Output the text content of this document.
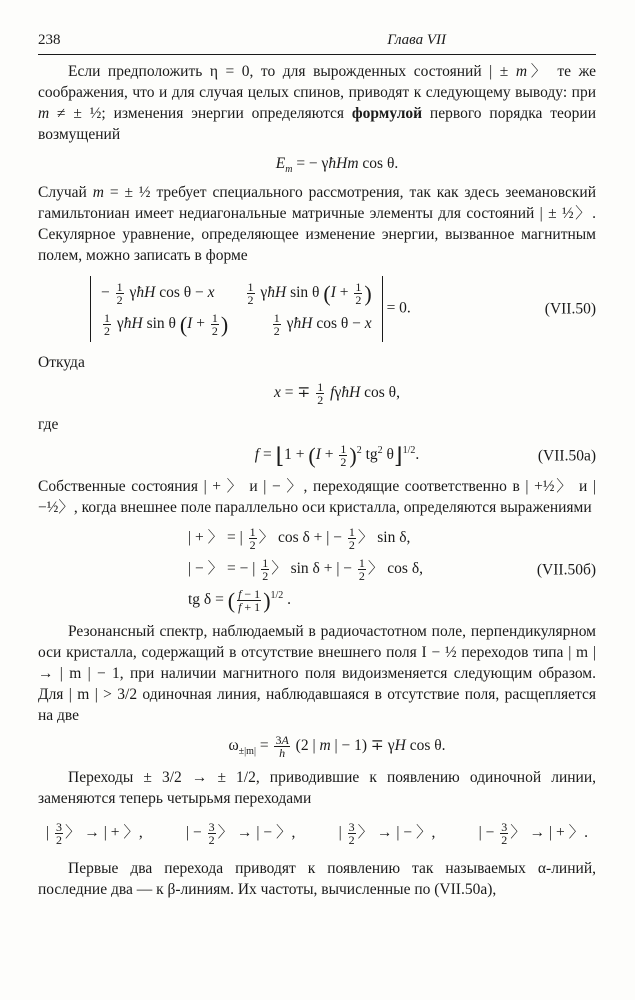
238	Глава VII

Если предположить η = 0, то для вырожденных состояний | ± m〉 те же соображения, что и для случая целых спинов, приводят к следующему выводу: при m ≠ ± ½; изменения энергии определяются формулой первого порядка теории возмущений

$E_m$ = − γħHm cos θ.

Случай m = ± ½ требует специального рассмотрения, так как здесь зеемановский гамильтониан имеет недиагональные матричные элементы для состояний | ± ½〉. Секулярное уравнение, определяющее изменение энергии, вызванное магнитным полем, можно записать в форме

− $\frac{1}{2}$ γħH cos θ − x	$\frac{1}{2}$ γħH sin θ ($I + \frac{1}{2}$ )
$\frac{1}{2}$ γħH sin θ ($I + \frac{1}{2}$ )	$\frac{1}{2}$ γħH cos θ − x
= 0.	(VII.50)

Откуда

x = ∓ $\frac{1}{2}$ fγħH cos θ,

где

f = ⌊1 + $(I + \frac{1}{2} )^2$ $tg^2$ θ⌋$^{1/2}$.	(VII.50а)

Собственные состояния | + 〉 и | − 〉, переходящие соответственно в | +½〉 и | −½〉, когда внешнее поле параллельно оси кристалла, определяются выражениями

| + 〉 = | $\frac{1}{2}$ 〉 cos δ + | − $\frac{1}{2}$ 〉 sin δ,
| − 〉 = − | $\frac{1}{2}$ 〉 sin δ + | − $\frac{1}{2}$ 〉 cos δ,
tg δ = ( $\frac{f - 1}{f + 1} )^{1/2}$ .
(VII.50б)

Резонансный спектр, наблюдаемый в радиочастотном поле, перпендикулярном оси кристалла, содержащий в отсутствие внешнего поля I − ½ переходов типа | m | → | m | − 1, при наличии магнитного поля видоизменяется следующим образом. Для | m | > 3/2 одиночная линия, наблюдавшаяся в отсутствие поля, расщепляется на две

$\omega_{\pm|m|} = \frac{3A}{h} (2$ | m | − 1) ∓ γH cos θ.

Переходы ± 3/2 → ± 1/2, приводившие к появлению одиночной линии, заменяются теперь четырьмя переходами

| $\frac{3}{2}$ 〉 → | + 〉,	| − $\frac{3}{2}$ 〉 → | − 〉,	| $\frac{3}{2}$ 〉 → | − 〉,	| − $\frac{3}{2}$ 〉 → | + 〉.

Первые два перехода приводят к появлению так называемых α-линий, последние два — к β-линиям. Их частоты, вычисленные по (VII.50а),
